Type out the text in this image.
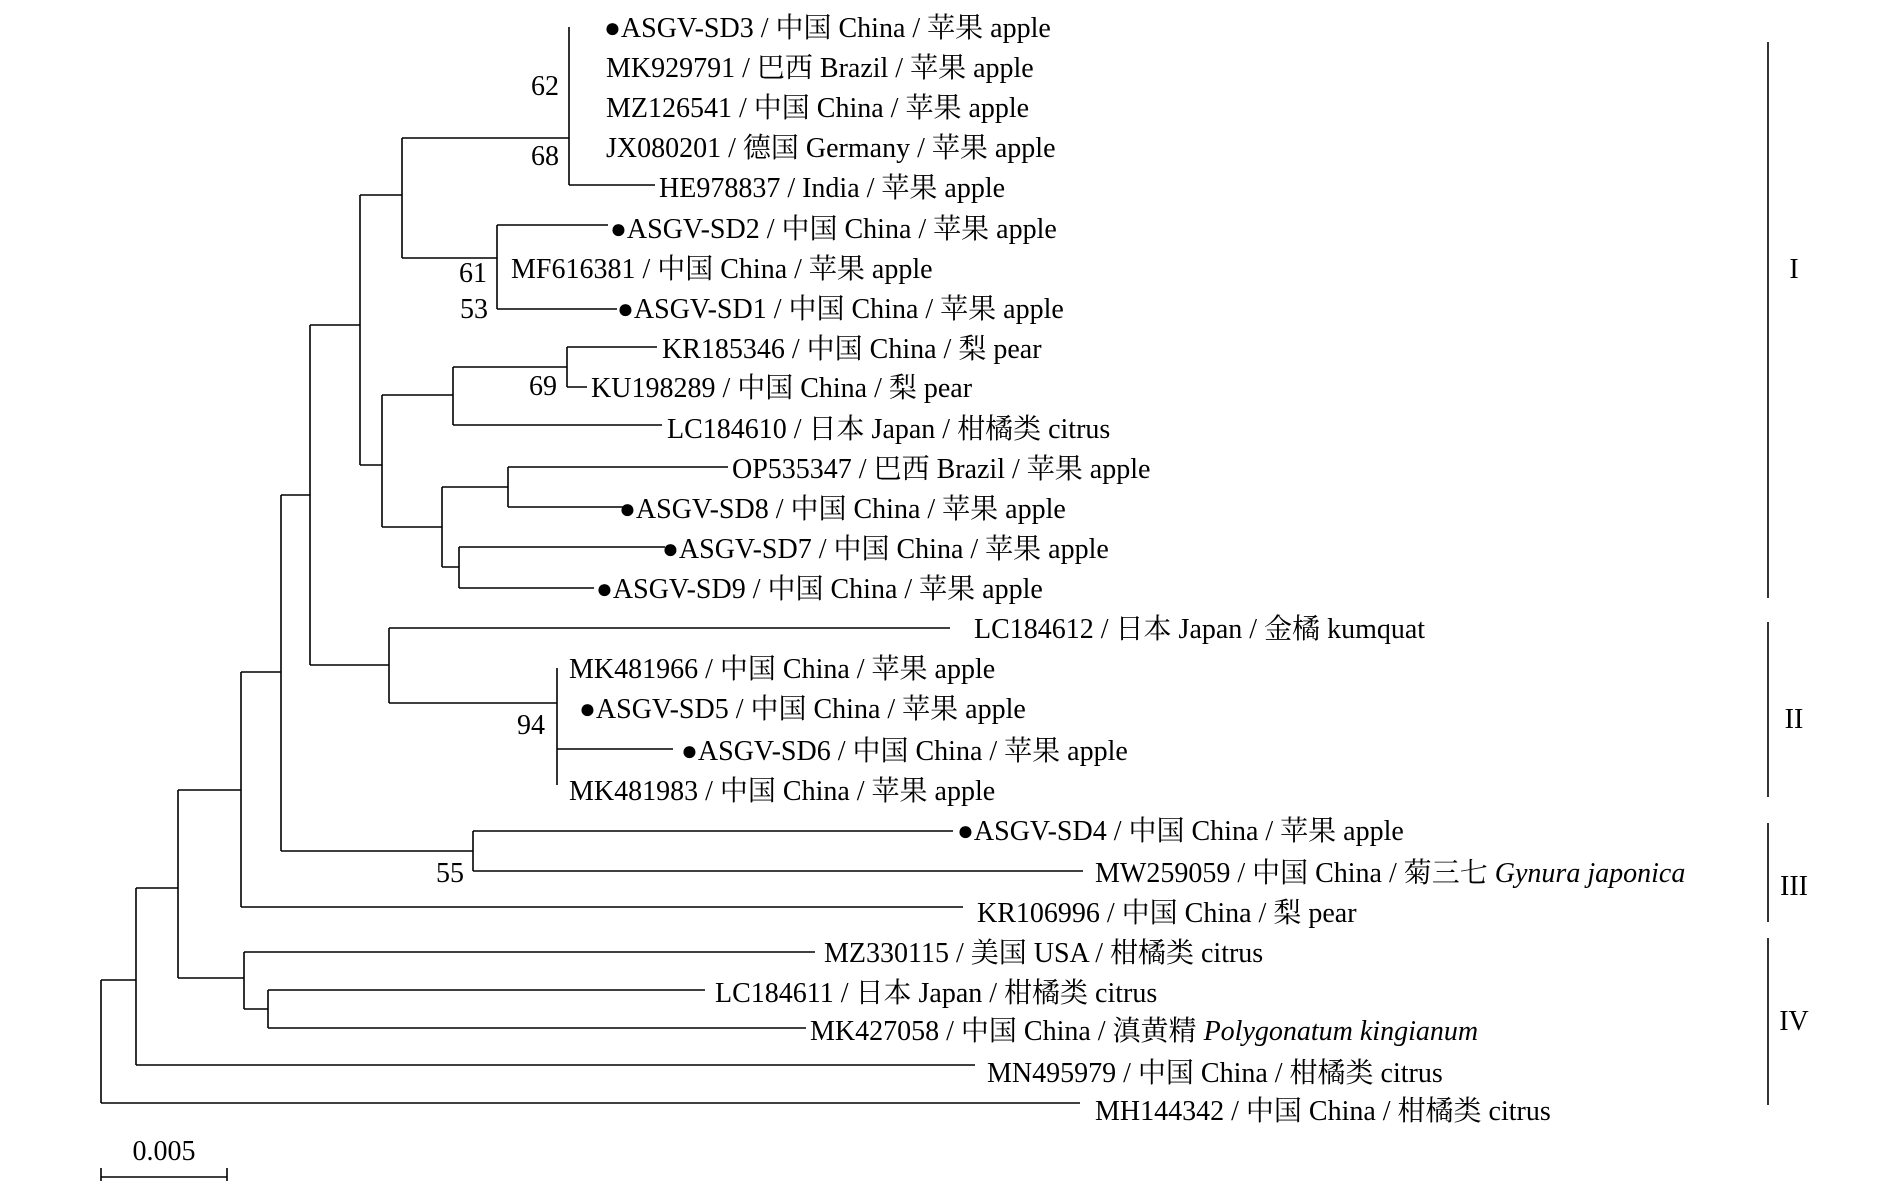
●ASGV-SD3 / 中国 China / 苹果 apple
MK929791 / 巴西 Brazil / 苹果 apple
MZ126541 / 中国 China / 苹果 apple
JX080201 / 德国 Germany / 苹果 apple
HE978837 / India / 苹果 apple
●ASGV-SD2 / 中国 China / 苹果 apple
MF616381 / 中国 China / 苹果 apple
●ASGV-SD1 / 中国 China / 苹果 apple
KR185346 / 中国 China / 梨 pear
KU198289 / 中国 China / 梨 pear
LC184610 / 日本 Japan / 柑橘类 citrus
OP535347 / 巴西 Brazil / 苹果 apple
●ASGV-SD8 / 中国 China / 苹果 apple
●ASGV-SD7 / 中国 China / 苹果 apple
●ASGV-SD9 / 中国 China / 苹果 apple
LC184612 / 日本 Japan / 金橘 kumquat
MK481966 / 中国 China / 苹果 apple
●ASGV-SD5 / 中国 China / 苹果 apple
●ASGV-SD6 / 中国 China / 苹果 apple
MK481983 / 中国 China / 苹果 apple
●ASGV-SD4 / 中国 China / 苹果 apple
MW259059 / 中国 China / 菊三七 Gynura japonica
KR106996 / 中国 China / 梨 pear
MZ330115 / 美国 USA / 柑橘类 citrus
LC184611 / 日本 Japan / 柑橘类 citrus
MK427058 / 中国 China / 滇黄精 Polygonatum kingianum
MN495979 / 中国 China / 柑橘类 citrus
MH144342 / 中国 China / 柑橘类 citrus
62
68
61
53
69
94
55
I
II
III
IV
0.005
